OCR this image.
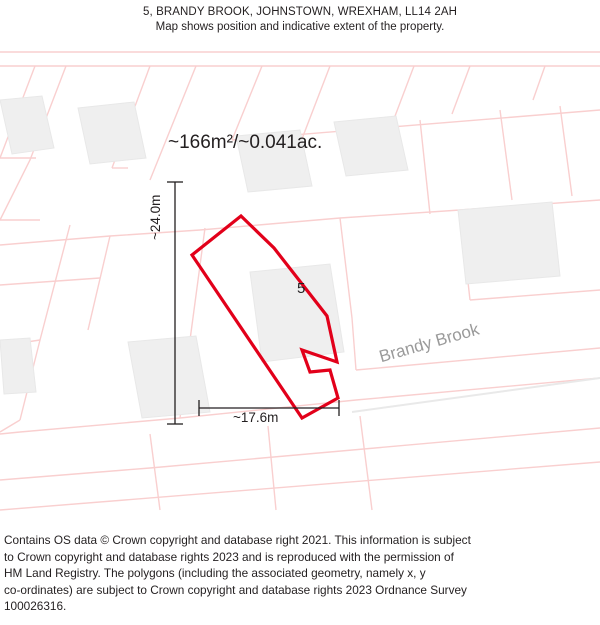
5, BRANDY BROOK, JOHNSTOWN, WREXHAM, LL14 2AH
Map shows position and indicative extent of the property.
~166m²/~0.041ac.
~24.0m
~17.6m
5
Brandy Brook

Contains OS data © Crown copyright and database right 2021. This information is subject

to Crown copyright and database rights 2023 and is reproduced with the permission of

HM Land Registry. The polygons (including the associated geometry, namely x, y

co-ordinates) are subject to Crown copyright and database rights 2023 Ordnance Survey

100026316.
